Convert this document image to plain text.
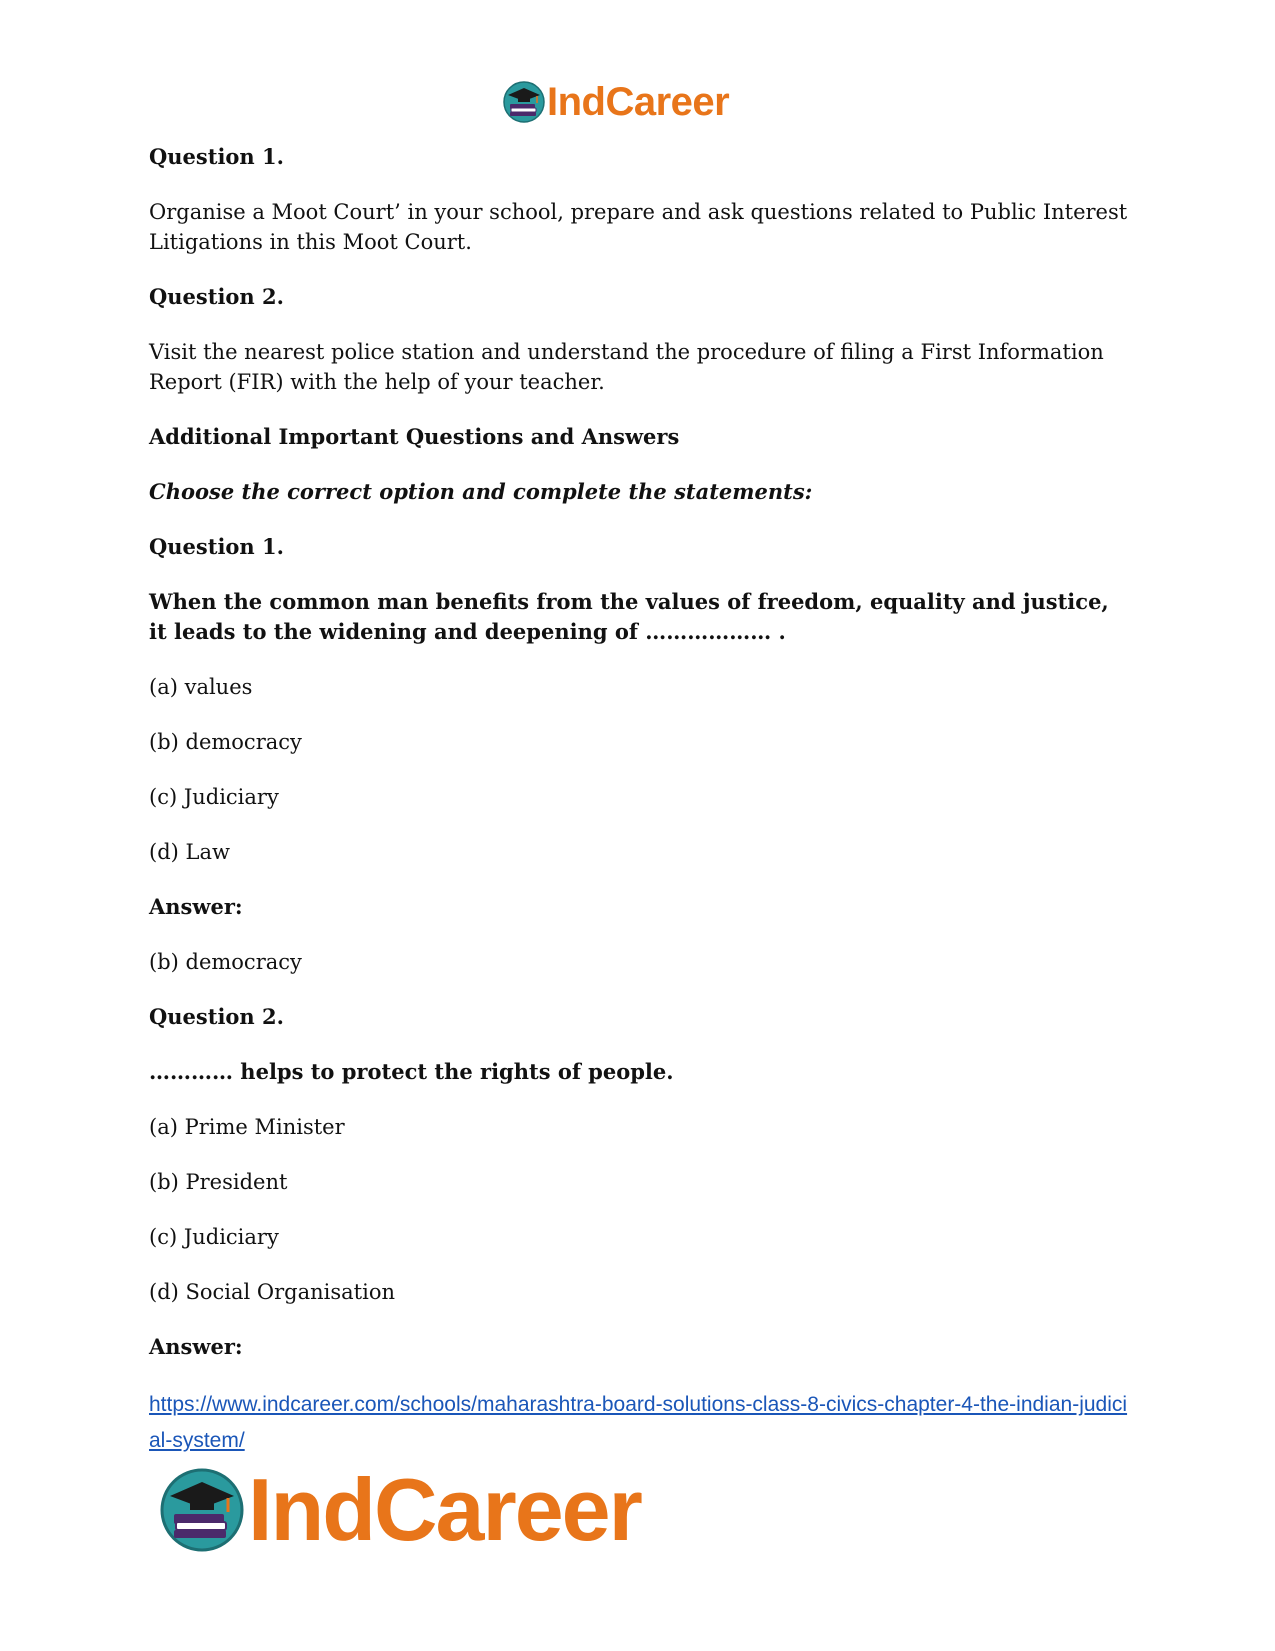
IndCareer

Question 1.

Organise a Moot Court’ in your school, prepare and ask questions related to Public Interest Litigations in this Moot Court.

Question 2.

Visit the nearest police station and understand the procedure of filing a First Information Report (FIR) with the help of your teacher.

Additional Important Questions and Answers

Choose the correct option and complete the statements:

Question 1.

When the common man benefits from the values of freedom, equality and justice, it leads to the widening and deepening of ……………… .

(a) values

(b) democracy

(c) Judiciary

(d) Law

Answer:

(b) democracy

Question 2.

………… helps to protect the rights of people.

(a) Prime Minister

(b) President

(c) Judiciary

(d) Social Organisation

Answer:

https://www.indcareer.com/schools/maharashtra-board-solutions-class-8-civics-chapter-4-the-indian-judicial-system/
IndCareer
